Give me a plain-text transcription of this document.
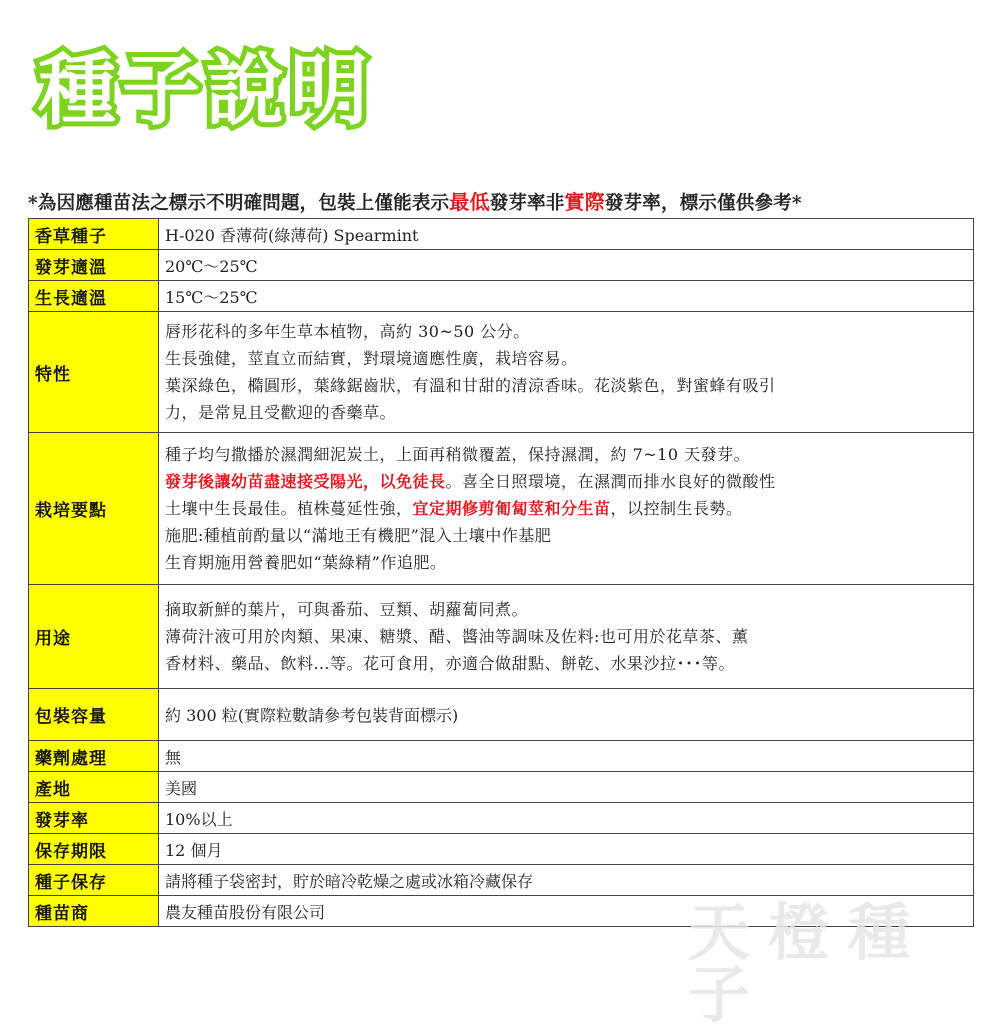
種子說明
*為因應種苗法之標示不明確問題，包裝上僅能表示最低發芽率非實際發芽率，標示僅供參考*
香草種子	H-020 香薄荷(綠薄荷) Spearmint
發芽適溫	20℃～25℃
生長適溫	15℃～25℃
特性	唇形花科的多年生草本植物，高約 30~50 公分。
生長強健，莖直立而結實，對環境適應性廣，栽培容易。
葉深綠色，橢圓形，葉緣鋸齒狀，有溫和甘甜的清涼香味。花淡紫色，對蜜蜂有吸引
力，是常見且受歡迎的香藥草。

栽培要點	種子均勻撒播於濕潤細泥炭土，上面再稍微覆蓋，保持濕潤，約 7~10 天發芽。
發芽後讓幼苗盡速接受陽光，以免徒長。喜全日照環境，在濕潤而排水良好的微酸性
土壤中生長最佳。植株蔓延性強，宜定期修剪匍匐莖和分生苗，以控制生長勢。
施肥:種植前酌量以“滿地王有機肥”混入土壤中作基肥
生育期施用營養肥如“葉綠精”作追肥。

用途	摘取新鮮的葉片，可與番茄、豆類、胡蘿蔔同煮。
薄荷汁液可用於肉類、果凍、糖漿、醋、醬油等調味及佐料:也可用於花草茶、薰
香材料、藥品、飲料…等。花可食用，亦適合做甜點、餅乾、水果沙拉･･･等。

包裝容量	約 300 粒(實際粒數請參考包裝背面標示)
藥劑處理	無
產地	美國
發芽率	10%以上
保存期限	12 個月
種子保存	請將種子袋密封，貯於暗冷乾燥之處或冰箱冷藏保存
種苗商	農友種苗股份有限公司	天橙種子
